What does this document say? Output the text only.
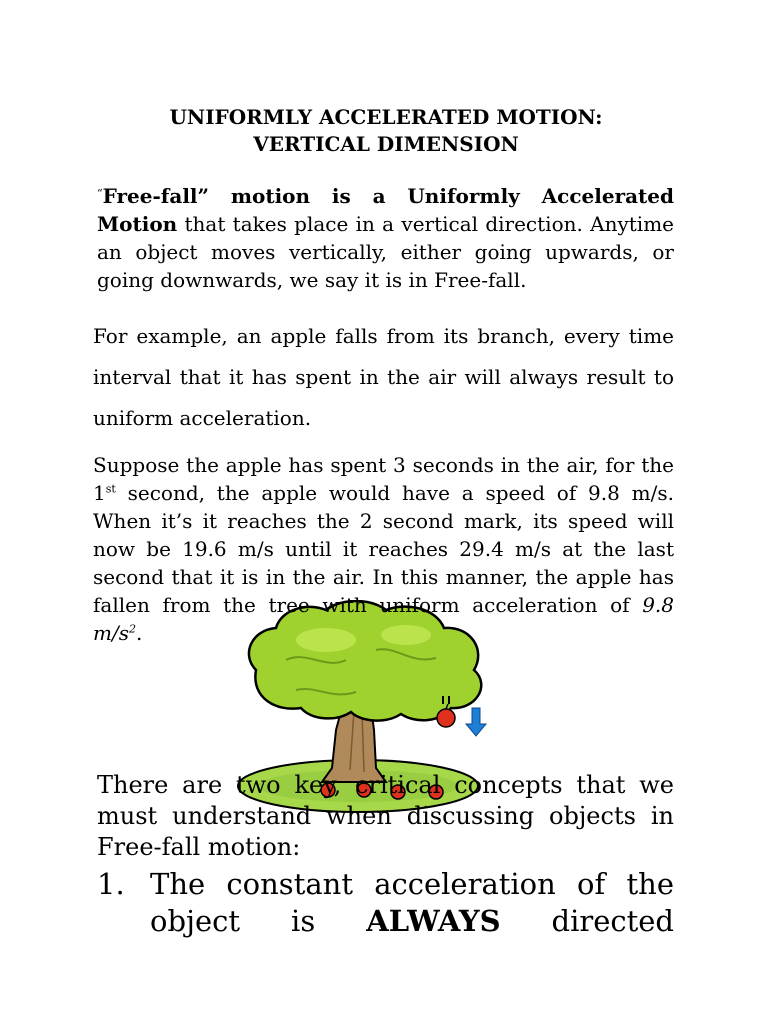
UNIFORMLY ACCELERATED MOTION:
VERTICAL DIMENSION
“Free-fall” motion is a Uniformly Accelerated Motion that takes place in a vertical direction. Anytime an object moves vertically, either going upwards, or going downwards, we say it is in Free-fall.
For example, an apple falls from its branch, every time interval that it has spent in the air will always result to uniform acceleration.
Suppose the apple has spent 3 seconds in the air, for the 1st second, the apple would have a speed of 9.8 m/s. When it’s it reaches the 2 second mark, its speed will now be 19.6 m/s until it reaches 29.4 m/s at the last second that it is in the air. In this manner, the apple has fallen from the tree with uniform acceleration of 9.8 $m/s^2$.
There are two key, critical concepts that we must understand when discussing objects in Free-fall motion:
1. The constant acceleration of the object is ALWAYS directed
